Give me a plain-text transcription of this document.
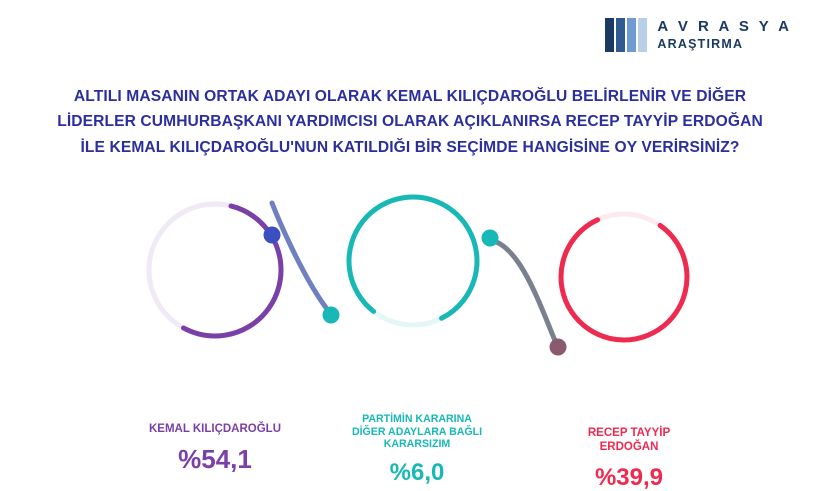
A V R A S Y A
ARAŞTIRMA
ALTILI MASANIN ORTAK ADAYI OLARAK KEMAL KILIÇDAROĞLU BELİRLENİR VE DİĞER
LİDERLER CUMHURBAŞKANI YARDIMCISI OLARAK AÇIKLANIRSA RECEP TAYYİP ERDOĞAN
İLE KEMAL KILIÇDAROĞLU'NUN KATILDIĞI BİR SEÇİMDE HANGİSİNE OY VERİRSİNİZ?
KEMAL KILIÇDAROĞLU
%54,1
PARTİMİN KARARINA
DİĞER ADAYLARA BAĞLI
KARARSIZIM
%6,0
RECEP TAYYİP
ERDOĞAN
%39,9
